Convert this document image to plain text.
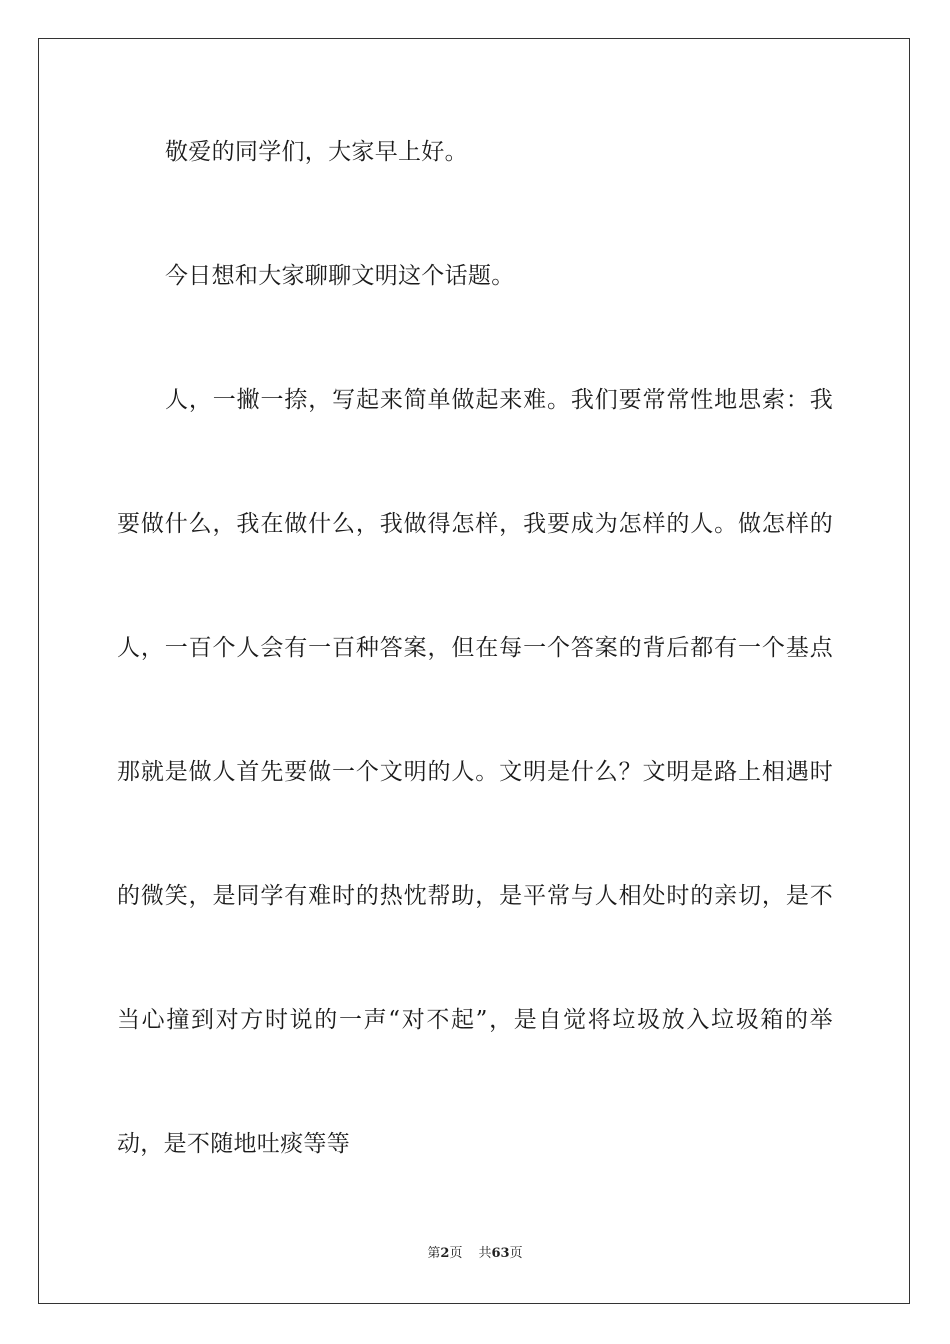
敬爱的同学们，大家早上好。
今日想和大家聊聊文明这个话题。
人，一撇一捺，写起来简单做起来难。我们要常常性地思索：我
要做什么，我在做什么，我做得怎样，我要成为怎样的人。做怎样的
人，一百个人会有一百种答案，但在每一个答案的背后都有一个基点
那就是做人首先要做一个文明的人。文明是什么？文明是路上相遇时
的微笑，是同学有难时的热忱帮助，是平常与人相处时的亲切，是不
当心撞到对方时说的一声“对不起”，是自觉将垃圾放入垃圾箱的举
动，是不随地吐痰等等
第2页 共63页
